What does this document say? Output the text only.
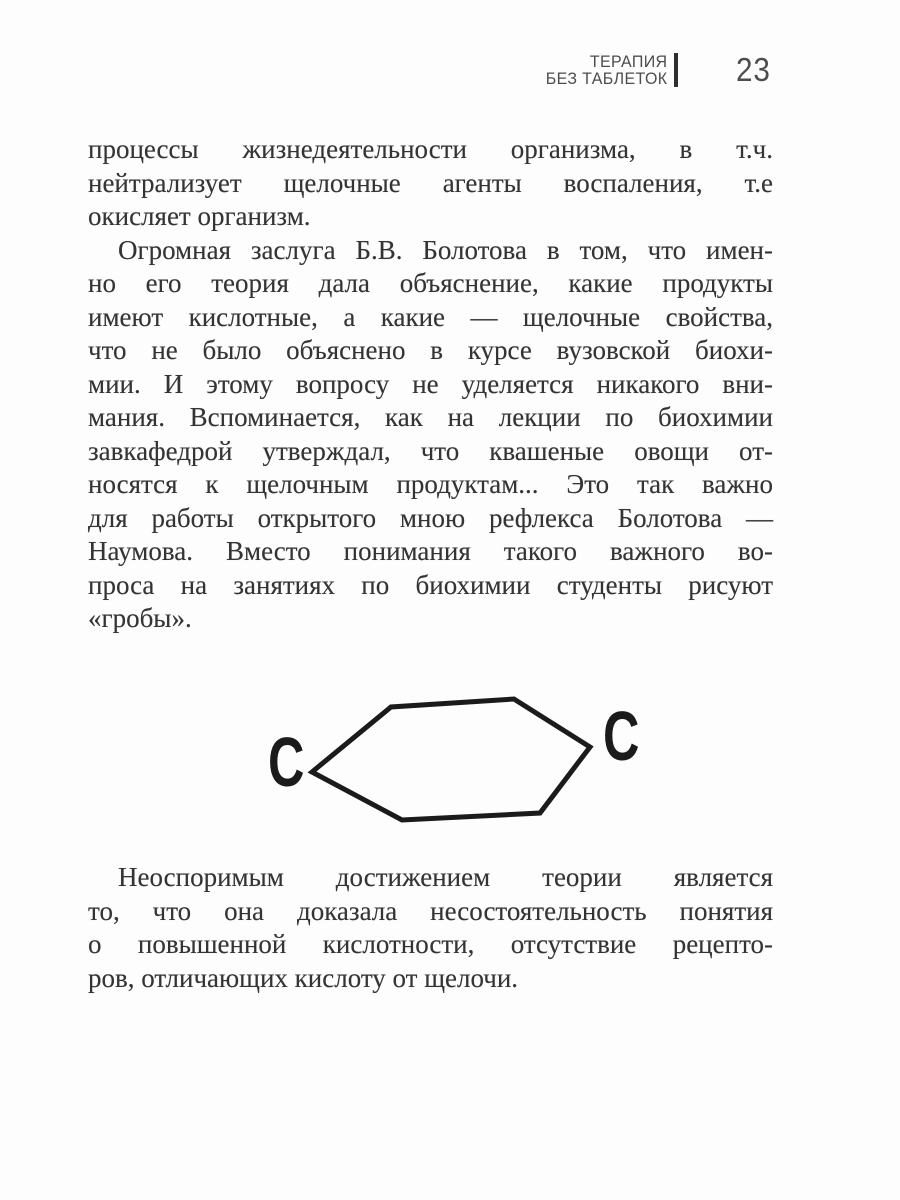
ТЕРАПИЯ
БЕЗ ТАБЛЕТОК 23

процессы жизнедеятельности организма, в т.ч.
нейтрализует щелочные агенты воспаления, т.е
окисляет организм.

Огромная заслуга Б.В. Болотова в том, что имен-
но его теория дала объяснение, какие продукты
имеют кислотные, а какие — щелочные свойства,
что не было объяснено в курсе вузовской биохи-
мии. И этому вопросу не уделяется никакого вни-
мания. Вспоминается, как на лекции по биохимии
завкафедрой утверждал, что квашеные овощи от-
носятся к щелочным продуктам... Это так важно
для работы открытого мною рефлекса Болотова —
Наумова. Вместо понимания такого важного во-
проса на занятиях по биохимии студенты рисуют
«гробы».

C	C

Неоспоримым достижением теории является
то, что она доказала несостоятельность понятия
о повышенной кислотности, отсутствие рецепто-
ров, отличающих кислоту от щелочи.
